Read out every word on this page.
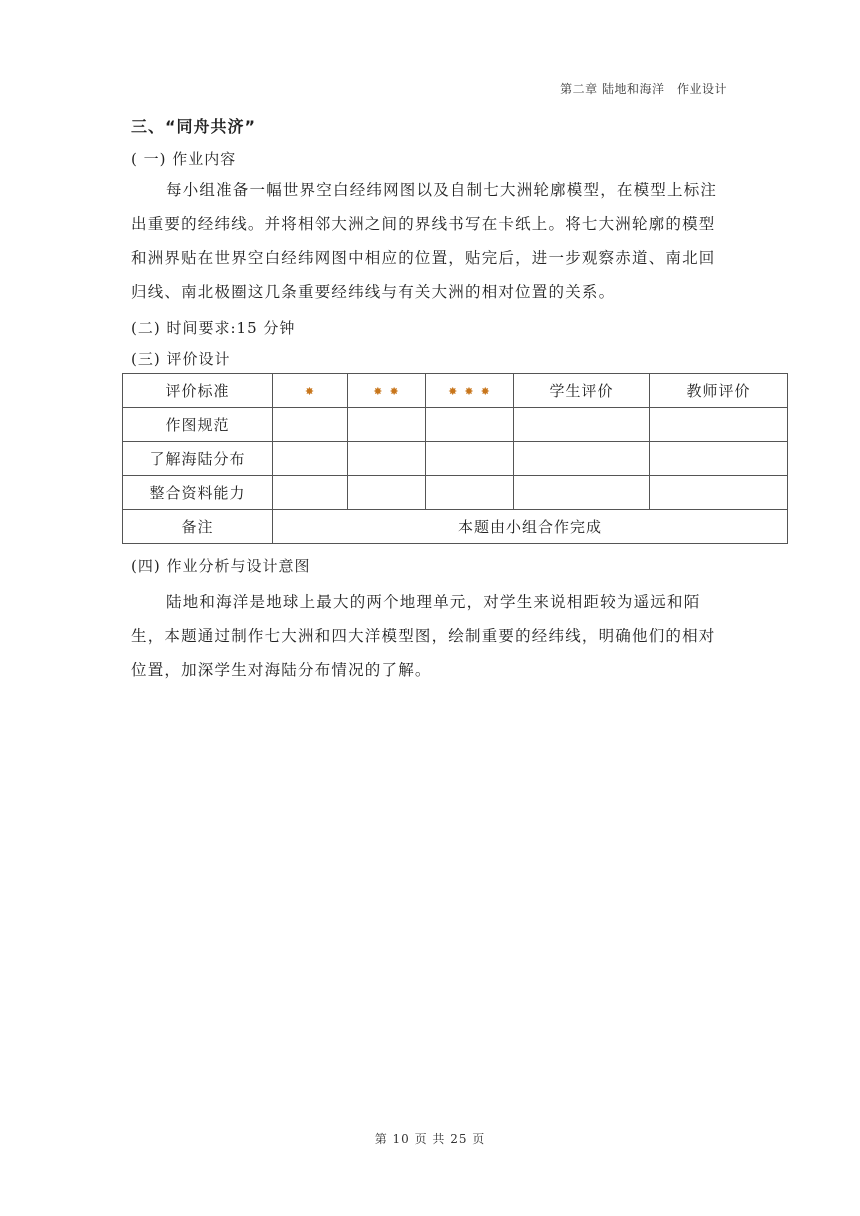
第二章 陆地和海洋　作业设计
三、“同舟共济”
( 一) 作业内容

每小组准备一幅世界空白经纬网图以及自制七大洲轮廓模型，在模型上标注出重要的经纬线。并将相邻大洲之间的界线书写在卡纸上。将七大洲轮廓的模型和洲界贴在世界空白经纬网图中相应的位置，贴完后，进一步观察赤道、南北回归线、南北极圈这几条重要经纬线与有关大洲的相对位置的关系。

(二) 时间要求:15 分钟
(三) 评价设计
评价标准	✸	✸ ✸	✸ ✸ ✸	学生评价	教师评价
作图规范					
了解海陆分布					
整合资料能力					
备注	本题由小组合作完成				
(四) 作业分析与设计意图

陆地和海洋是地球上最大的两个地理单元，对学生来说相距较为遥远和陌生，本题通过制作七大洲和四大洋模型图，绘制重要的经纬线，明确他们的相对位置，加深学生对海陆分布情况的了解。

第 10 页 共 25 页
